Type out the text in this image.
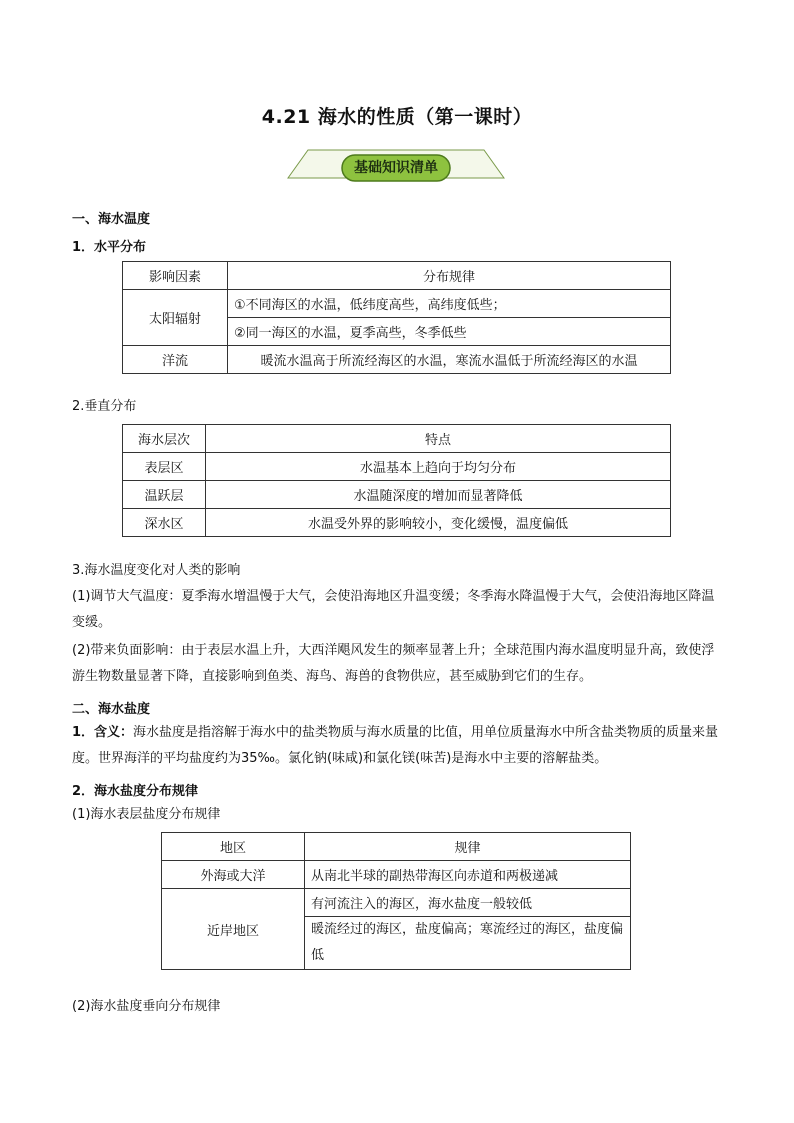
4.21 海水的性质（第一课时）
基础知识清单
一、海水温度
1．水平分布
影响因素	分布规律
太阳辐射	①不同海区的水温，低纬度高些，高纬度低些；
	②同一海区的水温，夏季高些，冬季低些
洋流	暖流水温高于所流经海区的水温，寒流水温低于所流经海区的水温
2.垂直分布
海水层次	特点
表层区	水温基本上趋向于均匀分布
温跃层	水温随深度的增加而显著降低
深水区	水温受外界的影响较小，变化缓慢，温度偏低
3.海水温度变化对人类的影响
(1)调节大气温度：夏季海水增温慢于大气，会使沿海地区升温变缓；冬季海水降温慢于大气，会使沿海地区降温变缓。
(2)带来负面影响：由于表层水温上升，大西洋飓风发生的频率显著上升；全球范围内海水温度明显升高，致使浮游生物数量显著下降，直接影响到鱼类、海鸟、海兽的食物供应，甚至威胁到它们的生存。
二、海水盐度
1．含义：海水盐度是指溶解于海水中的盐类物质与海水质量的比值，用单位质量海水中所含盐类物质的质量来量度。世界海洋的平均盐度约为35‰。氯化钠(味咸)和氯化镁(味苦)是海水中主要的溶解盐类。
2．海水盐度分布规律
(1)海水表层盐度分布规律
地区	规律
外海或大洋	从南北半球的副热带海区向赤道和两极递减
近岸地区	有河流注入的海区，海水盐度一般较低
	暖流经过的海区，盐度偏高；寒流经过的海区，盐度偏低
(2)海水盐度垂向分布规律
